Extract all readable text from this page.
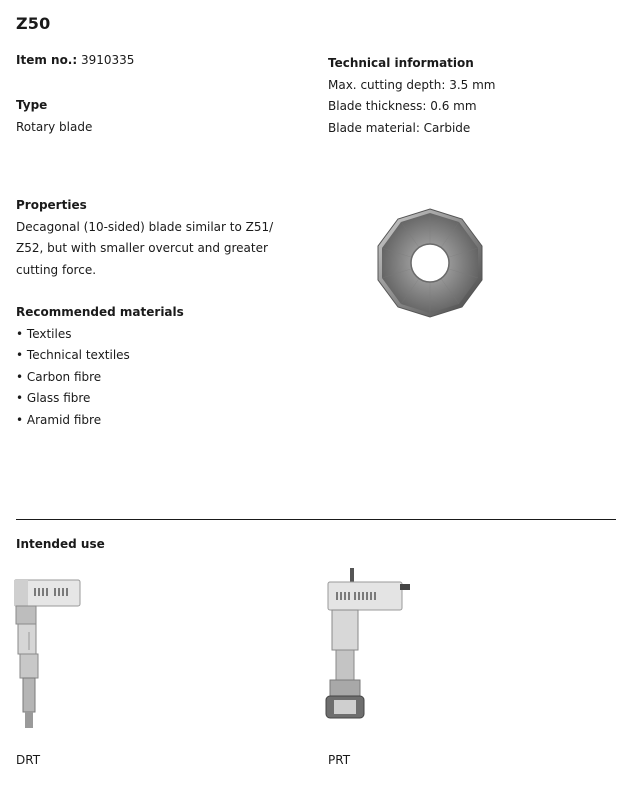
Z50
Item no.: 3910335
Type
Rotary blade
Technical information
Max. cutting depth: 3.5 mm
Blade thickness: 0.6 mm
Blade material: Carbide
Properties
Decagonal (10-sided) blade similar to Z51/
Z52, but with smaller overcut and greater
cutting force.
Recommended materials
• Textiles
• Technical textiles
• Carbon fibre
• Glass fibre
• Aramid fibre
Intended use
DRT	PRT
